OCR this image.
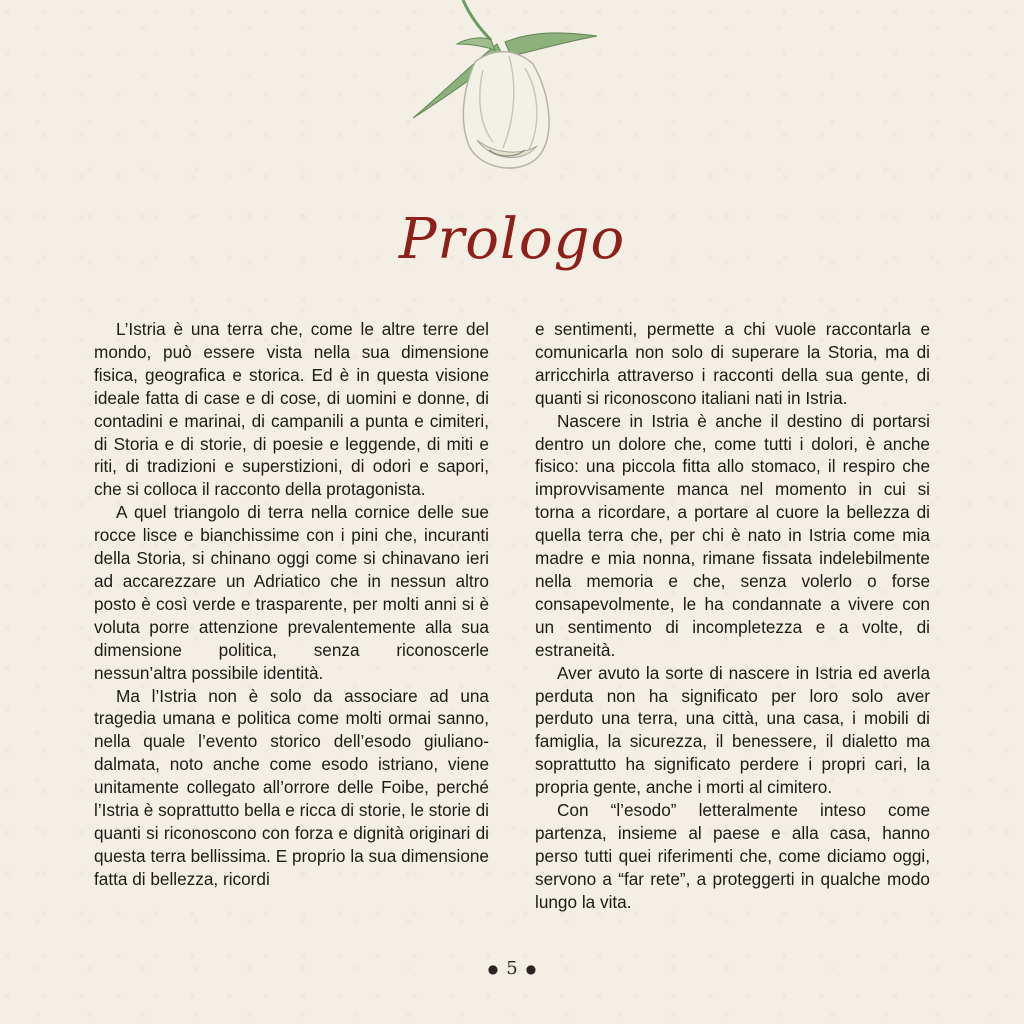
Prologo

L’Istria è una terra che, come le altre terre del mondo, può essere vista nella sua dimensione fisica, geografica e storica. Ed è in questa visione ideale fatta di case e di cose, di uomini e donne, di contadini e marinai, di campanili a punta e cimiteri, di Storia e di storie, di poesie e leggende, di miti e riti, di tradizioni e superstizioni, di odori e sapori, che si colloca il racconto della protagonista.

A quel triangolo di terra nella cornice delle sue rocce lisce e bianchissime con i pini che, incuranti della Storia, si chinano oggi come si chinavano ieri ad accarezzare un Adriatico che in nessun altro posto è così verde e trasparente, per molti anni si è voluta porre attenzione prevalentemente alla sua dimensione politica, senza riconoscerle nessun’altra possibile identità.

Ma l’Istria non è solo da associare ad una tragedia umana e politica come molti ormai sanno, nella quale l’evento storico dell’esodo giuliano-dalmata, noto anche come esodo istriano, viene unitamente collegato all’orrore delle Foibe, perché l’Istria è soprattutto bella e ricca di storie, le storie di quanti si riconoscono con forza e dignità originari di questa terra bellissima. E proprio la sua dimensione fatta di bellezza, ricordi

e sentimenti, permette a chi vuole raccontarla e comunicarla non solo di superare la Storia, ma di arricchirla attraverso i racconti della sua gente, di quanti si riconoscono italiani nati in Istria.

Nascere in Istria è anche il destino di portarsi dentro un dolore che, come tutti i dolori, è anche fisico: una piccola fitta allo stomaco, il respiro che improvvisamente manca nel momento in cui si torna a ricordare, a portare al cuore la bellezza di quella terra che, per chi è nato in Istria come mia madre e mia nonna, rimane fissata indelebilmente nella memoria e che, senza volerlo o forse consapevolmente, le ha condannate a vivere con un sentimento di incompletezza e a volte, di estraneità.

Aver avuto la sorte di nascere in Istria ed averla perduta non ha significato per loro solo aver perduto una terra, una città, una casa, i mobili di famiglia, la sicurezza, il benessere, il dialetto ma soprattutto ha significato perdere i propri cari, la propria gente, anche i morti al cimitero.

Con “l’esodo” letteralmente inteso come partenza, insieme al paese e alla casa, hanno perso tutti quei riferimenti che, come diciamo oggi, servono a “far rete”, a proteggerti in qualche modo lungo la vita.

● 5 ●
